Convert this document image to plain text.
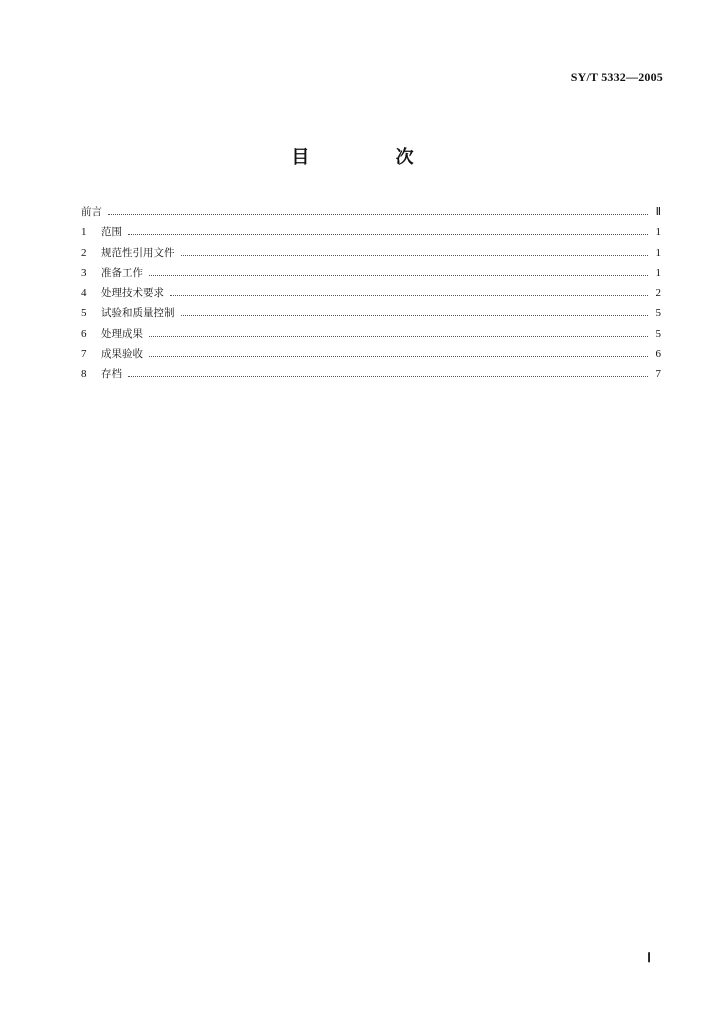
SY/T 5332—2005
目 次
前言	Ⅱ
1	范围	1
2	规范性引用文件	1
3	准备工作	1
4	处理技术要求	2
5	试验和质量控制	5
6	处理成果	5
7	成果验收	6
8	存档	7
Ⅰ
